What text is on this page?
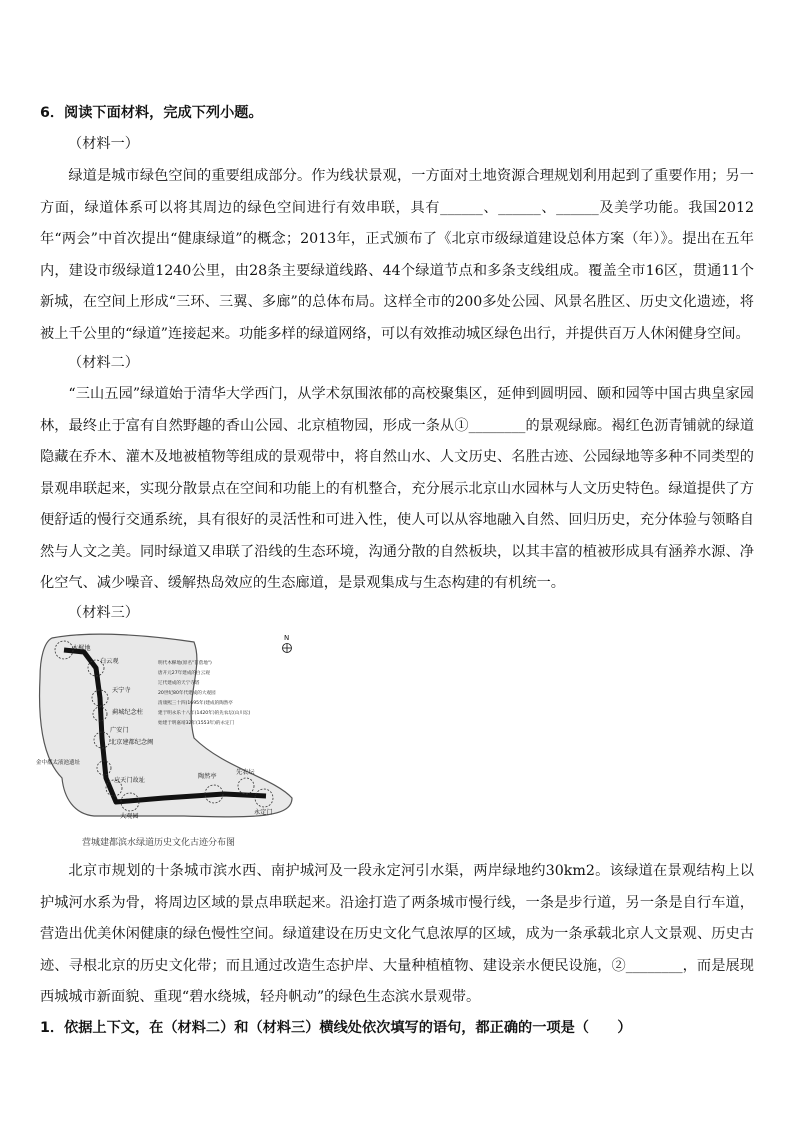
6．阅读下面材料，完成下列小题。
（材料一）
绿道是城市绿色空间的重要组成部分。作为线状景观，一方面对土地资源合理规划利用起到了重要作用；另一方面，绿道体系可以将其周边的绿色空间进行有效串联，具有______、______、______及美学功能。我国2012年“两会”中首次提出“健康绿道”的概念；2013年，正式颁布了《北京市级绿道建设总体方案（年）》。提出在五年内，建设市级绿道1240公里，由28条主要绿道线路、44个绿道节点和多条支线组成。覆盖全市16区，贯通11个新城，在空间上形成“三环、三翼、多廊”的总体布局。这样全市的200多处公园、风景名胜区、历史文化遗迹，将被上千公里的“绿道”连接起来。功能多样的绿道网络，可以有效推动城区绿色出行，并提供百万人休闲健身空间。
（材料二）
“三山五园”绿道始于清华大学西门，从学术氛围浓郁的高校聚集区，延伸到圆明园、颐和园等中国古典皇家园林，最终止于富有自然野趣的香山公园、北京植物园，形成一条从①________的景观绿廊。褐红色沥青铺就的绿道隐藏在乔木、灌木及地被植物等组成的景观带中，将自然山水、人文历史、名胜古迹、公园绿地等多种不同类型的景观串联起来，实现分散景点在空间和功能上的有机整合，充分展示北京山水园林与人文历史特色。绿道提供了方便舒适的慢行交通系统，具有很好的灵活性和可进入性，使人可以从容地融入自然、回归历史，充分体验与领略自然与人文之美。同时绿道又串联了沿线的生态环境，沟通分散的自然板块，以其丰富的植被形成具有涵养水源、净化空气、减少噪音、缓解热岛效应的生态廊道，是景观集成与生态构建的有机统一。
（材料三）
木樨地
白云观
天宁寺
蓟城纪念柱
广安门
北京建都纪念阙
金中都太液池遗址
应天门故址
大观园
陶然亭
先农坛
永定门
明代木樨地(原名"苜蓿地")
唐开元27年建成的白云观
辽代建成的天宁寺塔
20世纪80年代建成的大观园
清康熙三十四(1695年)建成的陶然亭
建于明永乐十八年(1420年)的先农坛(山川坛)
始建于明嘉靖32年(1553年)的永定门
N
营城建都滨水绿道历史文化古迹分布图
北京市规划的十条城市滨水西、南护城河及一段永定河引水渠，两岸绿地约30km2。该绿道在景观结构上以护城河水系为骨，将周边区域的景点串联起来。沿途打造了两条城市慢行线，一条是步行道，另一条是自行车道，营造出优美休闲健康的绿色慢性空间。绿道建设在历史文化气息浓厚的区域，成为一条承载北京人文景观、历史古迹、寻根北京的历史文化带；而且通过改造生态护岸、大量种植植物、建设亲水便民设施，②________，而是展现西城城市新面貌、重现“碧水绕城，轻舟帆动”的绿色生态滨水景观带。
1．依据上下文，在（材料二）和（材料三）横线处依次填写的语句，都正确的一项是（　　）
